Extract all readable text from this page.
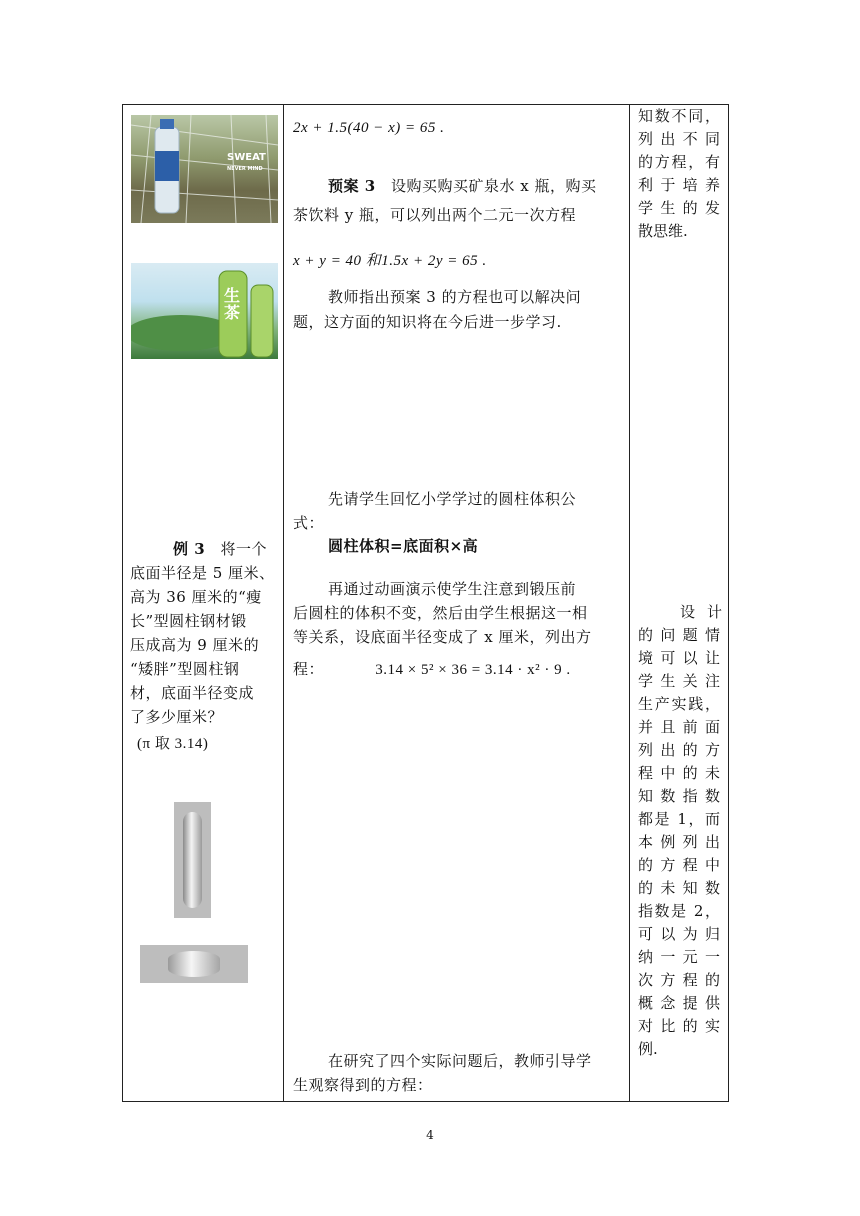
SWEAT
NEVER MIND
生茶
例 3 将一个
底面半径是 5 厘米、
高为 36 厘米的“瘦
长”型圆柱钢材锻
压成高为 9 厘米的
“矮胖”型圆柱钢
材，底面半径变成
了多少厘米？
(π 取 3.14)
2x + 1.5(40 − x) = 65 .
预案 3 设购买购买矿泉水 x 瓶，购买
茶饮料 y 瓶，可以列出两个二元一次方程
x + y = 40 和1.5x + 2y = 65 .
教师指出预案 3 的方程也可以解决问
题，这方面的知识将在今后进一步学习.
先请学生回忆小学学过的圆柱体积公
式：
圆柱体积=底面积×高
再通过动画演示使学生注意到锻压前
后圆柱的体积不变，然后由学生根据这一相
等关系，设底面半径变成了 x 厘米，列出方
程：	3.14 × 5² × 36 = 3.14 · x² · 9 .
在研究了四个实际问题后，教师引导学
生观察得到的方程：
知数不同，
列 出 不 同
的方程，有
利 于 培 养
学 生 的 发
散思维.
设 计
的 问 题 情
境 可 以 让
学 生 关 注
生产实践，
并 且 前 面
列 出 的 方
程 中 的 未
知 数 指 数
都是 1，而
本 例 列 出
的 方 程 中
的 未 知 数
指数是 2，
可 以 为 归
纳 一 元 一
次 方 程 的
概 念 提 供
对 比 的 实
例.
4
